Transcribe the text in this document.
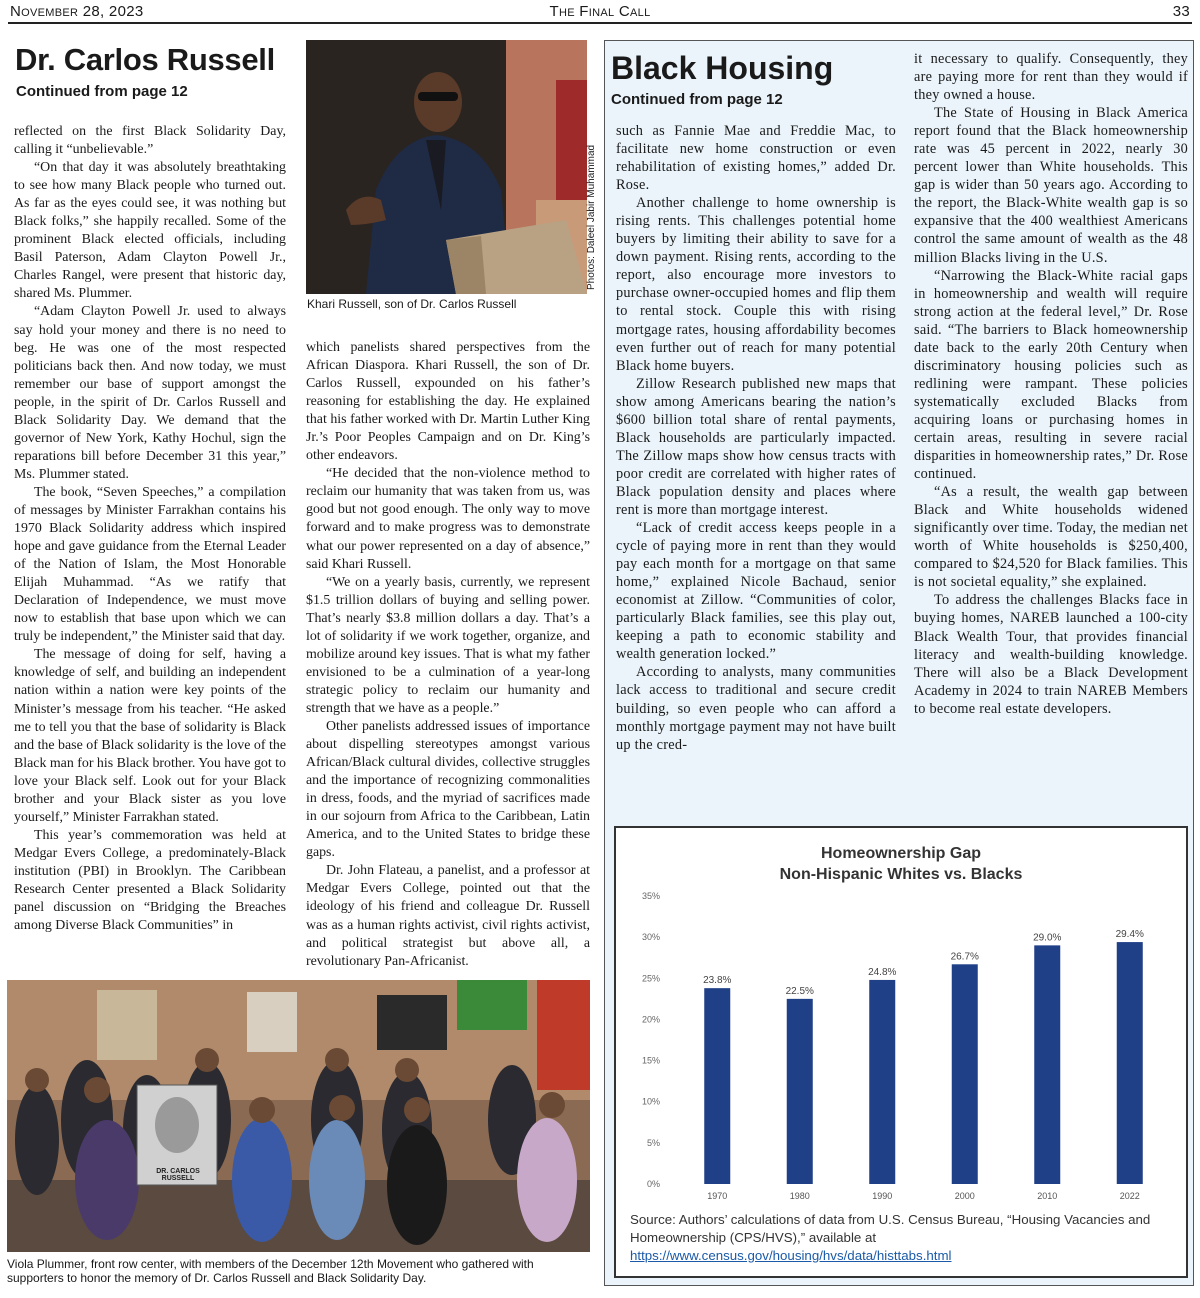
November 28, 2023	The Final Call	33
Dr. Carlos Russell
Continued from page 12

reflected on the first Black Solidarity Day, calling it “unbelievable.”

“On that day it was absolutely breathtaking to see how many Black people who turned out. As far as the eyes could see, it was nothing but Black folks,” she happily recalled. Some of the prominent Black elected officials, including Basil Paterson, Adam Clayton Powell Jr., Charles Rangel, were present that historic day, shared Ms. Plummer.

“Adam Clayton Powell Jr. used to always say hold your money and there is no need to beg. He was one of the most respected politicians back then. And now today, we must remember our base of support amongst the people, in the spirit of Dr. Carlos Russell and Black Solidarity Day. We demand that the governor of New York, Kathy Hochul, sign the reparations bill before December 31 this year,” Ms. Plummer stated.

The book, “Seven Speeches,” a compilation of messages by Minister Farrakhan contains his 1970 Black Solidarity address which inspired hope and gave guidance from the Eternal Leader of the Nation of Islam, the Most Honorable Elijah Muhammad. “As we ratify that Declaration of Independence, we must move now to establish that base upon which we can truly be independent,” the Minister said that day.

The message of doing for self, having a knowledge of self, and building an independent nation within a nation were key points of the Minister’s message from his teacher. “He asked me to tell you that the base of solidarity is Black and the base of Black solidarity is the love of the Black man for his Black brother. You have got to love your Black self. Look out for your Black brother and your Black sister as you love yourself,” Minister Farrakhan stated.

This year’s commemoration was held at Medgar Evers College, a predominately-Black institution (PBI) in Brooklyn. The Caribbean Research Center presented a Black Solidarity panel discussion on “Bridging the Breaches among Diverse Black Communities” in

Photos: Daleel Jabir Muhammad
Khari Russell, son of Dr. Carlos Russell

which panelists shared perspectives from the African Diaspora. Khari Russell, the son of Dr. Carlos Russell, expounded on his father’s reasoning for establishing the day. He explained that his father worked with Dr. Martin Luther King Jr.’s Poor Peoples Campaign and on Dr. King’s other endeavors.

“He decided that the non-violence method to reclaim our humanity that was taken from us, was good but not good enough. The only way to move forward and to make progress was to demonstrate what our power represented on a day of absence,” said Khari Russell.

“We on a yearly basis, currently, we represent $1.5 trillion dollars of buying and selling power. That’s nearly $3.8 million dollars a day. That’s a lot of solidarity if we work together, organize, and mobilize around key issues. That is what my father envisioned to be a culmination of a year-long strategic policy to reclaim our humanity and strength that we have as a people.”

Other panelists addressed issues of importance about dispelling stereotypes amongst various African/Black cultural divides, collective struggles and the importance of recognizing commonalities in dress, foods, and the myriad of sacrifices made in our sojourn from Africa to the Caribbean, Latin America, and to the United States to bridge these gaps.

Dr. John Flateau, a panelist, and a professor at Medgar Evers College, pointed out that the ideology of his friend and colleague Dr. Russell was as a human rights activist, civil rights activist, and political strategist but above all, a revolutionary Pan-Africanist.

DR. CARLOS RUSSELL
Viola Plummer, front row center, with members of the December 12th Movement who gathered with supporters to honor the memory of Dr. Carlos Russell and Black Solidarity Day.
Black Housing
Continued from page 12

such as Fannie Mae and Freddie Mac, to facilitate new home construction or even rehabilitation of existing homes,” added Dr. Rose.

Another challenge to home ownership is rising rents. This challenges potential home buyers by limiting their ability to save for a down payment. Rising rents, according to the report, also encourage more investors to purchase owner-occupied homes and flip them to rental stock. Couple this with rising mortgage rates, housing affordability becomes even further out of reach for many potential Black home buyers.

Zillow Research published new maps that show among Americans bearing the nation’s $600 billion total share of rental payments, Black households are particularly impacted. The Zillow maps show how census tracts with poor credit are correlated with higher rates of Black population density and places where rent is more than mortgage interest.

“Lack of credit access keeps people in a cycle of paying more in rent than they would pay each month for a mortgage on that same home,” explained Nicole Bachaud, senior economist at Zillow. “Communities of color, particularly Black families, see this play out, keeping a path to economic stability and wealth generation locked.”

According to analysts, many communities lack access to traditional and secure credit building, so even people who can afford a monthly mortgage payment may not have built up the cred-

it necessary to qualify. Consequently, they are paying more for rent than they would if they owned a house.

The State of Housing in Black America report found that the Black homeownership rate was 45 percent in 2022, nearly 30 percent lower than White households. This gap is wider than 50 years ago. According to the report, the Black-White wealth gap is so expansive that the 400 wealthiest Americans control the same amount of wealth as the 48 million Blacks living in the U.S.

“Narrowing the Black-White racial gaps in homeownership and wealth will require strong action at the federal level,” Dr. Rose said. “The barriers to Black homeownership date back to the early 20th Century when discriminatory housing policies such as redlining were rampant. These policies systematically excluded Blacks from acquiring loans or purchasing homes in certain areas, resulting in severe racial disparities in homeownership rates,” Dr. Rose continued.

“As a result, the wealth gap between Black and White households widened significantly over time. Today, the median net worth of White households is $250,400, compared to $24,520 for Black families. This is not societal equality,” she explained.

To address the challenges Blacks face in buying homes, NAREB launched a 100-city Black Wealth Tour, that provides financial literacy and wealth-building knowledge. There will also be a Black Development Academy in 2024 to train NAREB Members to become real estate developers.

Homeownership Gap
Non-Hispanic Whites vs. Blacks
0%
5%
10%
15%
20%
25%
30%
35%
1970	1980	1990	2000	2010	2022
23.8%
22.5%
24.8%
26.7%
29.0%	29.4%
Source: Authors’ calculations of data from U.S. Census Bureau, “Housing Vacancies and Homeownership (CPS/HVS),” available at https://www.census.gov/housing/hvs/data/histtabs.html
